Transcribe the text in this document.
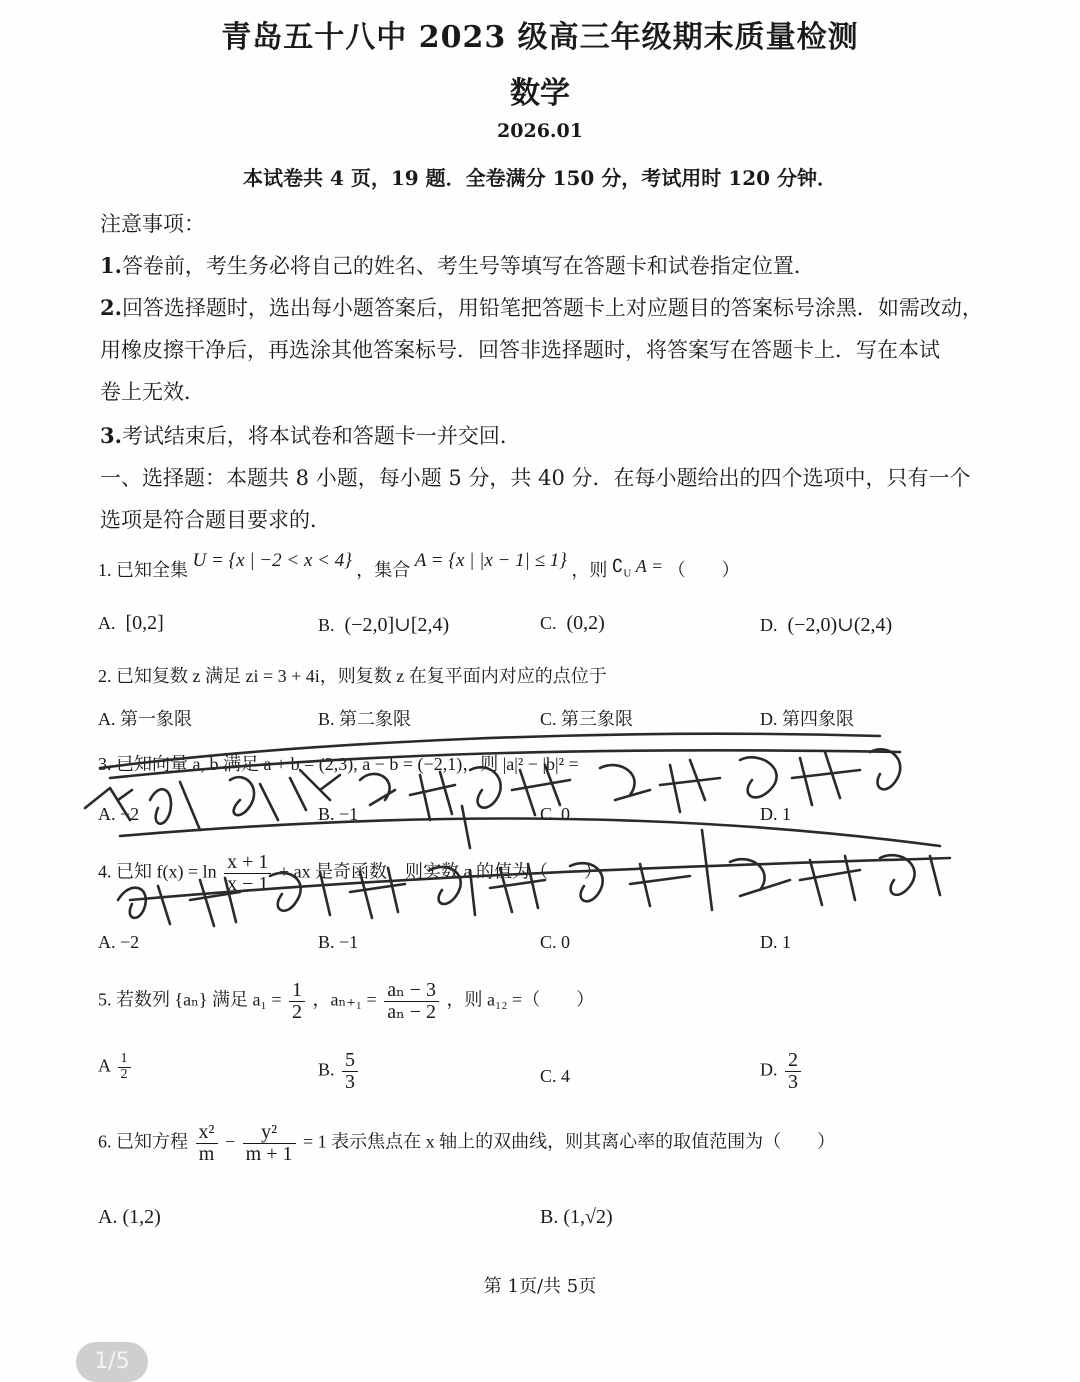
青岛五十八中 2023 级高三年级期末质量检测
数学
2026.01
本试卷共 4 页，19 题．全卷满分 150 分，考试用时 120 分钟．
注意事项：
1.答卷前，考生务必将自己的姓名、考生号等填写在答题卡和试卷指定位置．
2.回答选择题时，选出每小题答案后，用铅笔把答题卡上对应题目的答案标号涂黑．如需改动，
用橡皮擦干净后，再选涂其他答案标号．回答非选择题时，将答案写在答题卡上．写在本试
卷上无效．
3.考试结束后，将本试卷和答题卡一并交回．
一、选择题：本题共 8 小题，每小题 5 分，共 40 分．在每小题给出的四个选项中，只有一个
选项是符合题目要求的．
1. 已知全集 U = {x | −2 < x < 4} ，集合 A = {x | |x − 1| ≤ 1} ，则 $∁_U$ A = （　　）
A. [0,2]	B. (−2,0]∪[2,4)	C. (0,2)	D. (−2,0)∪(2,4)
2. 已知复数 z 满足 zi = 3 + 4i，则复数 z 在复平面内对应的点位于
A. 第一象限	B. 第二象限	C. 第三象限	D. 第四象限
3. 已知向量 a, b 满足 a + b = (2,3), a − b = (−2,1)，则 |a|² − |b|² =
A. −2	B. −1	C. 0	D. 1
4. 已知 $f(x) = \ln \frac{x + 1}{x - 1}$ + ax 是奇函数，则实数 a 的值为（　　）
A. −2	B. −1	C. 0	D. 1
5. 若数列 {aₙ} 满足 $a_1 = \frac{1}{2}$ ，$a_{n+1} = \frac{\text{aₙ − 3}}{\text{aₙ − 2}}$ ，则 a₁₂ =（　　）
A $\frac{1}{2}$	B. $\frac{5}{3}$	C. 4	D. $\frac{2}{3}$
6. 已知方程 $\frac{\text{x²}}{m} - \frac{\text{y²}}{m + 1} = 1$ 表示焦点在 x 轴上的双曲线，则其离心率的取值范围为（　　）
A. (1,2)	B. (1,√2)
第 1页/共 5页
1/5
